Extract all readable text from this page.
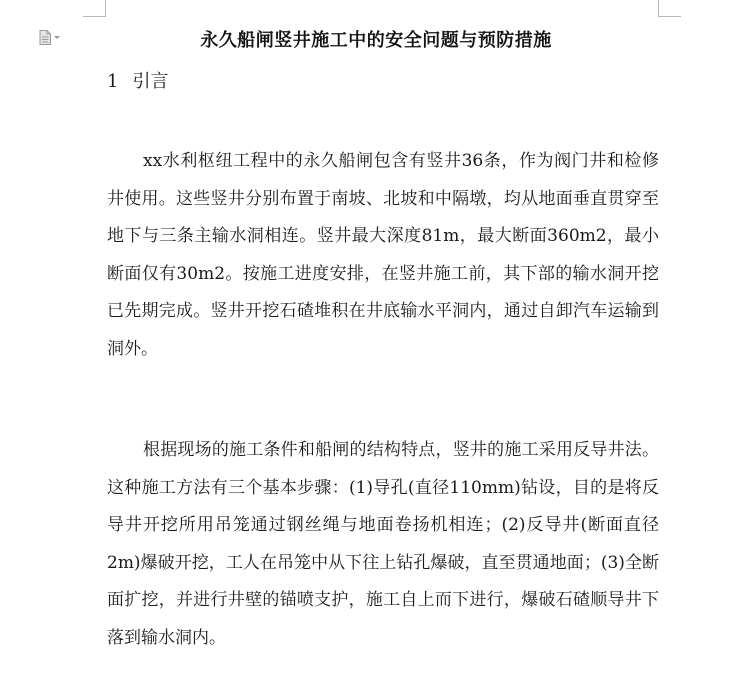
永久船闸竖井施工中的安全问题与预防措施
1 引言

xx水利枢纽工程中的永久船闸包含有竖井36条，作为阀门井和检修井使用。这些竖井分别布置于南坡、北坡和中隔墩，均从地面垂直贯穿至地下与三条主输水洞相连。竖井最大深度81m，最大断面360m2，最小断面仅有30m2。按施工进度安排，在竖井施工前，其下部的输水洞开挖已先期完成。竖井开挖石碴堆积在井底输水平洞内，通过自卸汽车运输到洞外。

根据现场的施工条件和船闸的结构特点，竖井的施工采用反导井法。这种施工方法有三个基本步骤：(1)导孔(直径110mm)钻设，目的是将反导井开挖所用吊笼通过钢丝绳与地面卷扬机相连；(2)反导井(断面直径2m)爆破开挖，工人在吊笼中从下往上钻孔爆破，直至贯通地面；(3)全断面扩挖，并进行井壁的锚喷支护，施工自上而下进行，爆破石碴顺导井下落到输水洞内。
